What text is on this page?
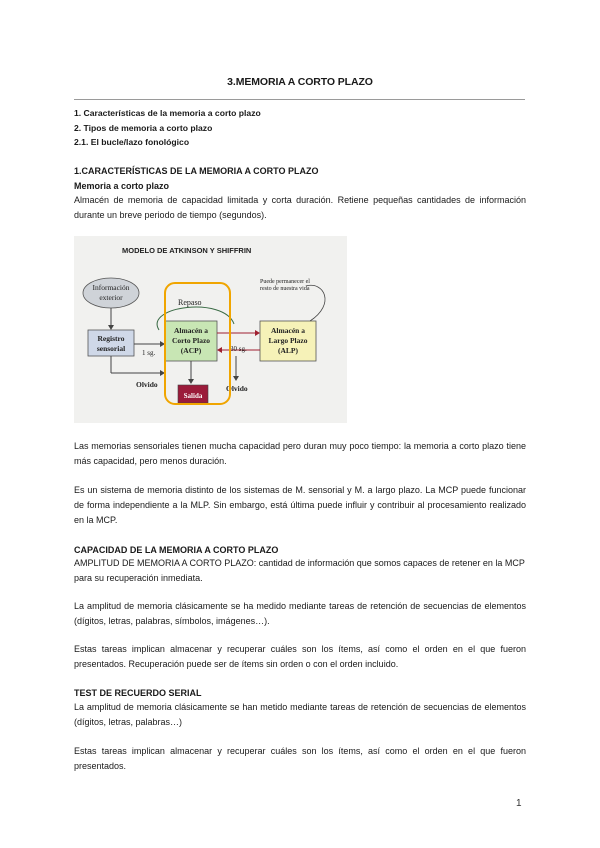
3.MEMORIA A CORTO PLAZO
1. Características de la memoria a corto plazo
2. Tipos de memoria a corto plazo
2.1. El bucle/lazo fonológico
1.CARACTERÍSTICAS DE LA MEMORIA A CORTO PLAZO
Memoria a corto plazo
Almacén de memoria de capacidad limitada y corta duración. Retiene pequeñas cantidades de información durante un breve periodo de tiempo (segundos).
MODELO DE ATKINSON Y SHIFFRIN
Información
exterior
Registro
sensorial
Repaso
Almacén a
Corto Plazo
(ACP)
1 sg.
Almacén a
Largo Plazo
(ALP)
Puede permanecer el
resto de nuestra vida
30 sg.
Olvido	Olvido
Salida
Las memorias sensoriales tienen mucha capacidad pero duran muy poco tiempo: la memoria a corto plazo tiene más capacidad, pero menos duración.
Es un sistema de memoria distinto de los sistemas de M. sensorial y M. a largo plazo. La MCP puede funcionar de forma independiente a la MLP. Sin embargo, está última puede influir y contribuir al procesamiento realizado en la MCP.
CAPACIDAD DE LA MEMORIA A CORTO PLAZO
AMPLITUD DE MEMORIA A CORTO PLAZO: cantidad de información que somos capaces de retener en la MCP para su recuperación inmediata.
La amplitud de memoria clásicamente se ha medido mediante tareas de retención de secuencias de elementos (dígitos, letras, palabras, símbolos, imágenes…).
Estas tareas implican almacenar y recuperar cuáles son los ítems, así como el orden en el que fueron presentados. Recuperación puede ser de ítems sin orden o con el orden incluido.
TEST DE RECUERDO SERIAL
La amplitud de memoria clásicamente se han metido mediante tareas de retención de secuencias de elementos (dígitos, letras, palabras…)
Estas tareas implican almacenar y recuperar cuáles son los ítems, así como el orden en el que fueron presentados.
1
